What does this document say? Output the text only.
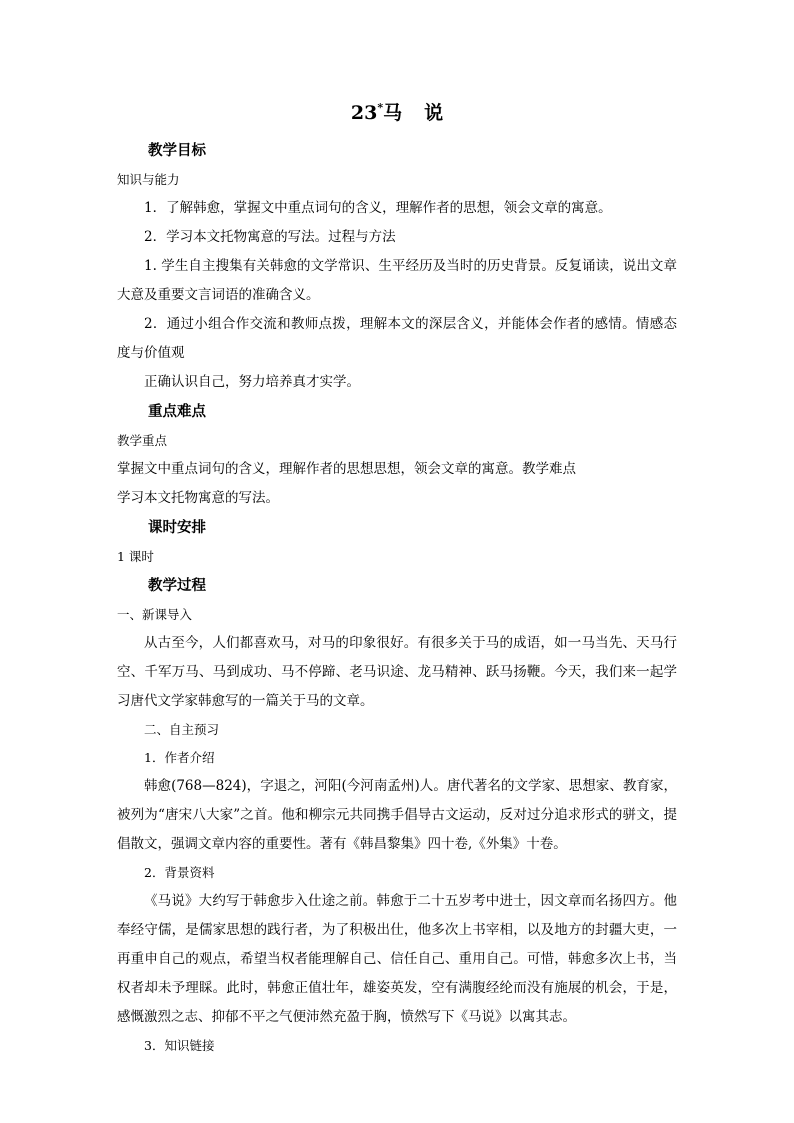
23*马 说
教学目标
知识与能力
1．了解韩愈，掌握文中重点词句的含义，理解作者的思想，领会文章的寓意。
2．学习本文托物寓意的写法。过程与方法
1. 学生自主搜集有关韩愈的文学常识、生平经历及当时的历史背景。反复诵读，说出文章大意及重要文言词语的准确含义。
2．通过小组合作交流和教师点拨，理解本文的深层含义，并能体会作者的感情。情感态度与价值观
正确认识自己，努力培养真才实学。
重点难点
教学重点
掌握文中重点词句的含义，理解作者的思想思想，领会文章的寓意。教学难点
学习本文托物寓意的写法。
课时安排
1 课时
教学过程
一、新课导入
从古至今，人们都喜欢马，对马的印象很好。有很多关于马的成语，如一马当先、天马行空、千军万马、马到成功、马不停蹄、老马识途、龙马精神、跃马扬鞭。今天，我们来一起学习唐代文学家韩愈写的一篇关于马的文章。
二、自主预习
1．作者介绍
韩愈(768—824)，字退之，河阳(今河南孟州)人。唐代著名的文学家、思想家、教育家，被列为“唐宋八大家”之首。他和柳宗元共同携手倡导古文运动，反对过分追求形式的骈文，提倡散文，强调文章内容的重要性。著有《韩昌黎集》四十卷,《外集》十卷。
2．背景资料
《马说》大约写于韩愈步入仕途之前。韩愈于二十五岁考中进士，因文章而名扬四方。他奉经守儒，是儒家思想的践行者，为了积极出仕，他多次上书宰相，以及地方的封疆大吏，一再重申自己的观点，希望当权者能理解自己、信任自己、重用自己。可惜，韩愈多次上书，当权者却未予理睬。此时，韩愈正值壮年，雄姿英发，空有满腹经纶而没有施展的机会，于是，感慨激烈之志、抑郁不平之气便沛然充盈于胸，愤然写下《马说》以寓其志。
3．知识链接
